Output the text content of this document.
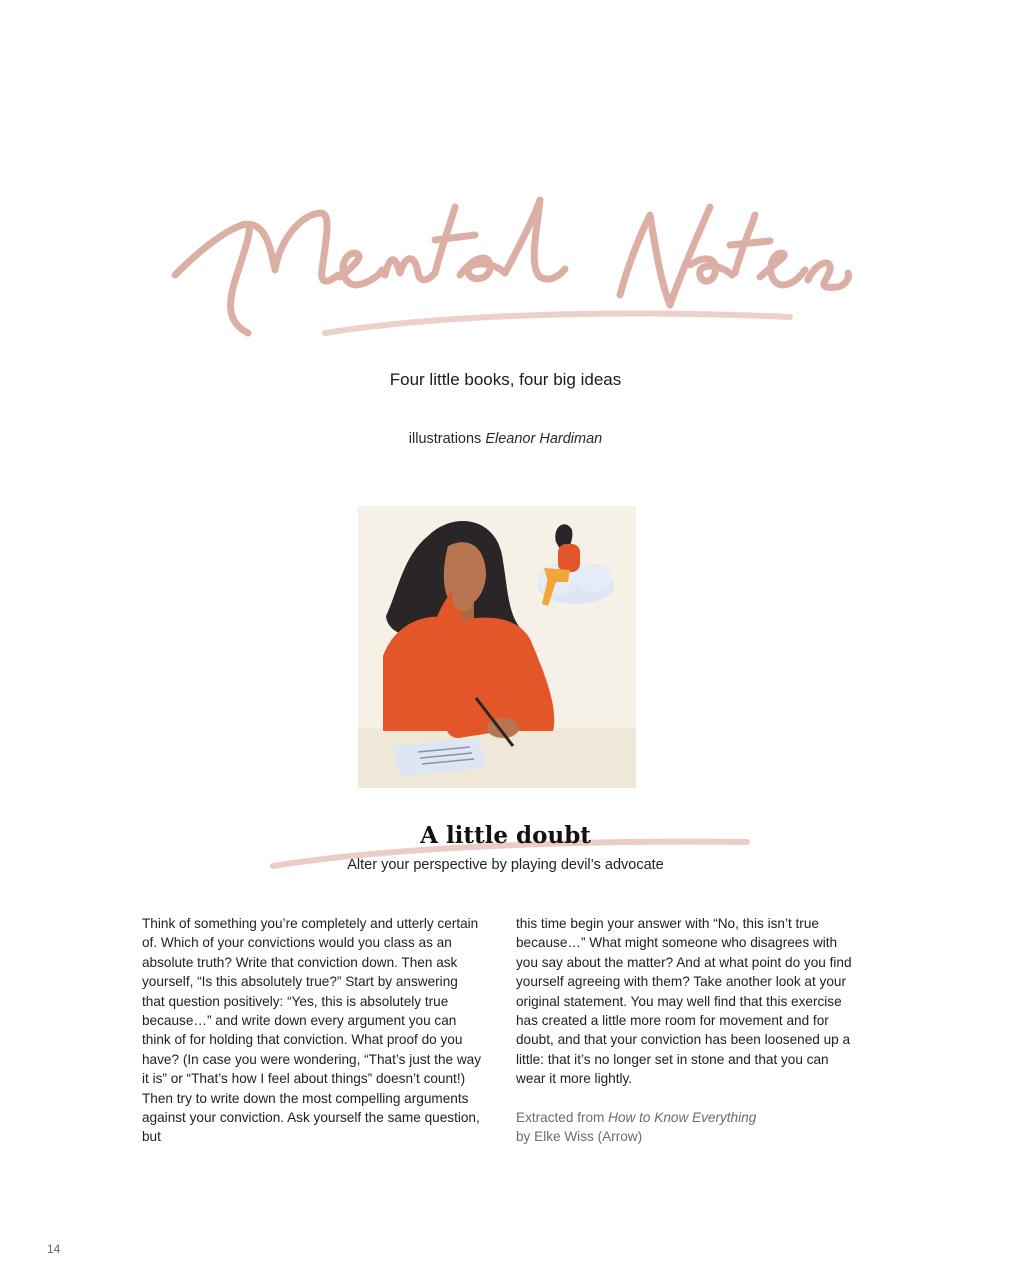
Four little books, four big ideas
illustrations Eleanor Hardiman
A little doubt
Alter your perspective by playing devil’s advocate

Think of something you’re completely and utterly certain of. Which of your convictions would you class as an absolute truth? Write that conviction down. Then ask yourself, “Is this absolutely true?” Start by answering that question positively: “Yes, this is absolutely true because…” and write down every argument you can think of for holding that conviction. What proof do you have? (In case you were wondering, “That’s just the way it is” or “That’s how I feel about things” doesn’t count!) Then try to write down the most compelling arguments against your conviction. Ask yourself the same question, but

this time begin your answer with “No, this isn’t true because…” What might someone who disagrees with you say about the matter? And at what point do you find yourself agreeing with them? Take another look at your original statement. You may well find that this exercise has created a little more room for movement and for doubt, and that your conviction has been loosened up a little: that it’s no longer set in stone and that you can wear it more lightly.

Extracted from How to Know Everything
by Elke Wiss (Arrow)

14
